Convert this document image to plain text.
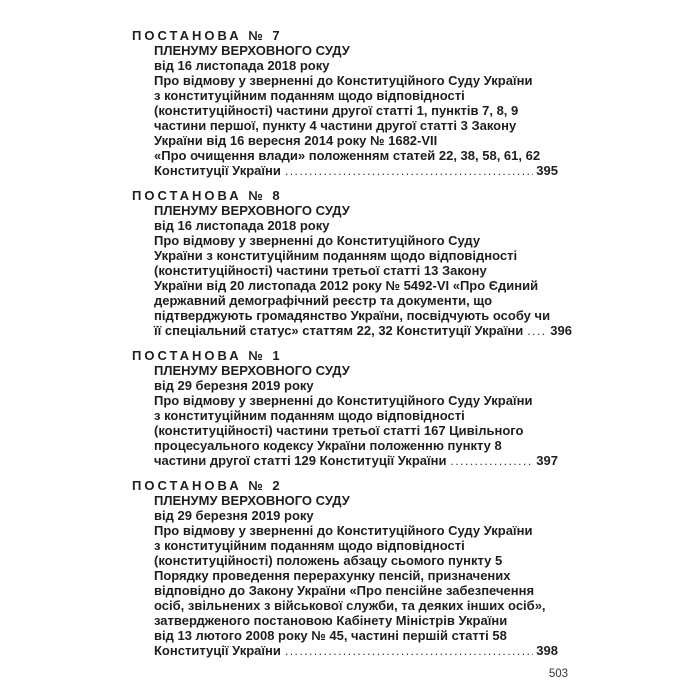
ПОСТАНОВА № 7
ПЛЕНУМУ ВЕРХОВНОГО СУДУ
від 16 листопада 2018 року
Про відмову у зверненні до Конституційного Суду України
з конституційним поданням щодо відповідності
(конституційності) частини другої статті 1, пунктів 7, 8, 9
частини першої, пункту 4 частини другої статті 3 Закону
України від 16 вересня 2014 року № 1682-VII
«Про очищення влади» положенням статей 22, 38, 58, 61, 62
Конституції України .....	395
ПОСТАНОВА № 8
ПЛЕНУМУ ВЕРХОВНОГО СУДУ
від 16 листопада 2018 року
Про відмову у зверненні до Конституційного Суду
України з конституційним поданням щодо відповідності
(конституційності) частини третьої статті 13 Закону
України від 20 листопада 2012 року № 5492-VI «Про Єдиний
державний демографічний реєстр та документи, що
підтверджують громадянство України, посвідчують особу чи
її спеціальний статус» статтям 22, 32 Конституції України ..... 396
ПОСТАНОВА № 1
ПЛЕНУМУ ВЕРХОВНОГО СУДУ
від 29 березня 2019 року
Про відмову у зверненні до Конституційного Суду України
з конституційним поданням щодо відповідності
(конституційності) частини третьої статті 167 Цивільного
процесуального кодексу України положенню пункту 8
частини другої статті 129 Конституції України .....	397
ПОСТАНОВА № 2
ПЛЕНУМУ ВЕРХОВНОГО СУДУ
від 29 березня 2019 року
Про відмову у зверненні до Конституційного Суду України
з конституційним поданням щодо відповідності
(конституційності) положень абзацу сьомого пункту 5
Порядку проведення перерахунку пенсій, призначених
відповідно до Закону України «Про пенсійне забезпечення
осіб, звільнених з військової служби, та деяких інших осіб»,
затвердженого постановою Кабінету Міністрів України
від 13 лютого 2008 року № 45, частині першій статті 58
Конституції України .....	398
503
